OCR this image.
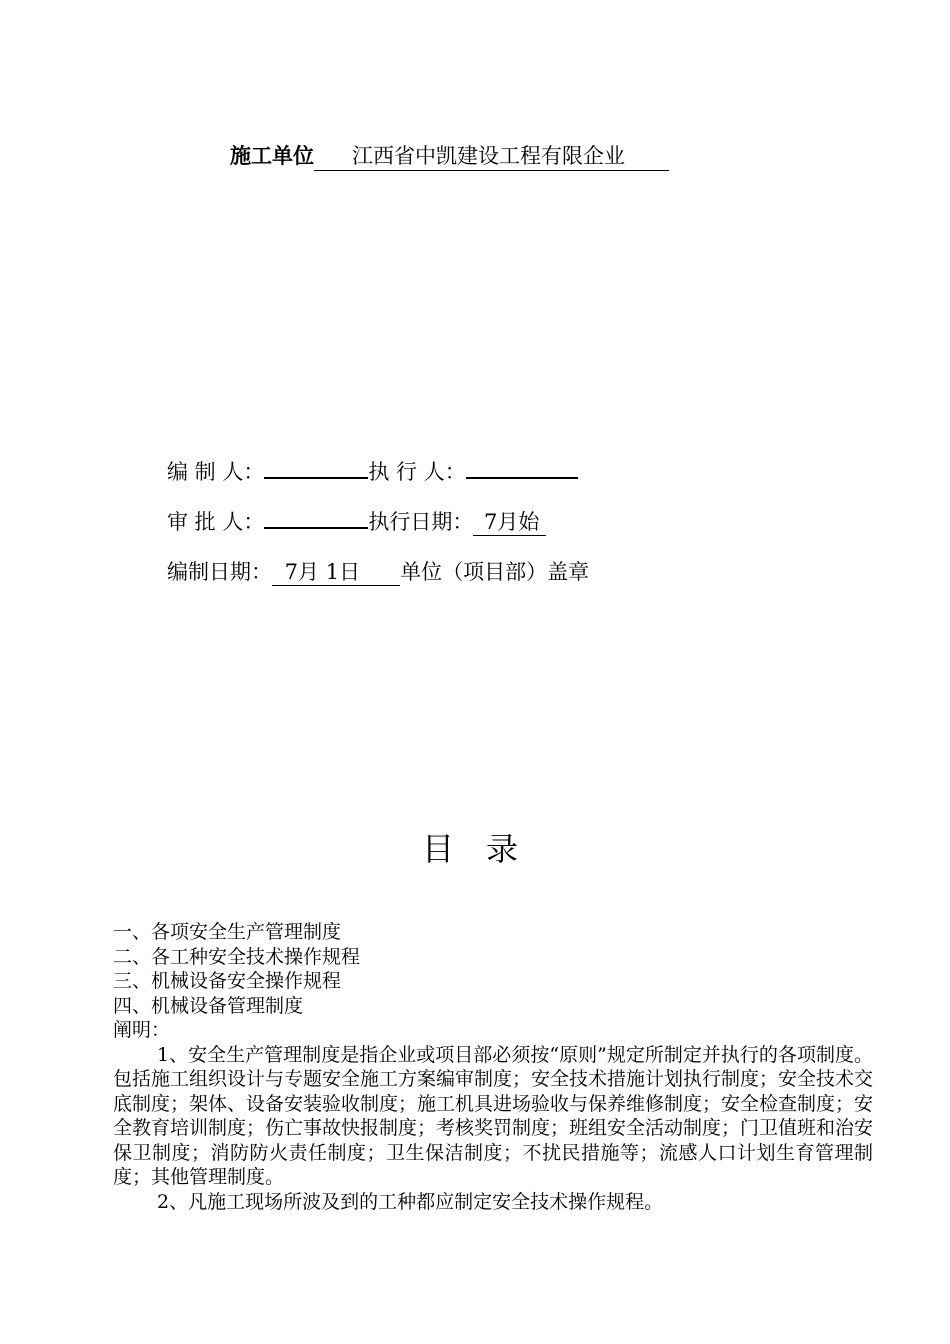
施工单位 江西省中凯建设工程有限企业
编 制 人：	执 行 人：
审 批 人：	执行日期： 7月始
编制日期： 7月 1日      单位（项目部）盖章
目录
一、各项安全生产管理制度
二、各工种安全技术操作规程
三、机械设备安全操作规程
四、机械设备管理制度
阐明：
1、安全生产管理制度是指企业或项目部必须按“原则”规定所制定并执行的各项制度。包括施工组织设计与专题安全施工方案编审制度；安全技术措施计划执行制度；安全技术交底制度；架体、设备安装验收制度；施工机具进场验收与保养维修制度；安全检查制度；安全教育培训制度；伤亡事故快报制度；考核奖罚制度；班组安全活动制度；门卫值班和治安保卫制度；消防防火责任制度；卫生保洁制度；不扰民措施等；流感人口计划生育管理制度；其他管理制度。
2、凡施工现场所波及到的工种都应制定安全技术操作规程。
